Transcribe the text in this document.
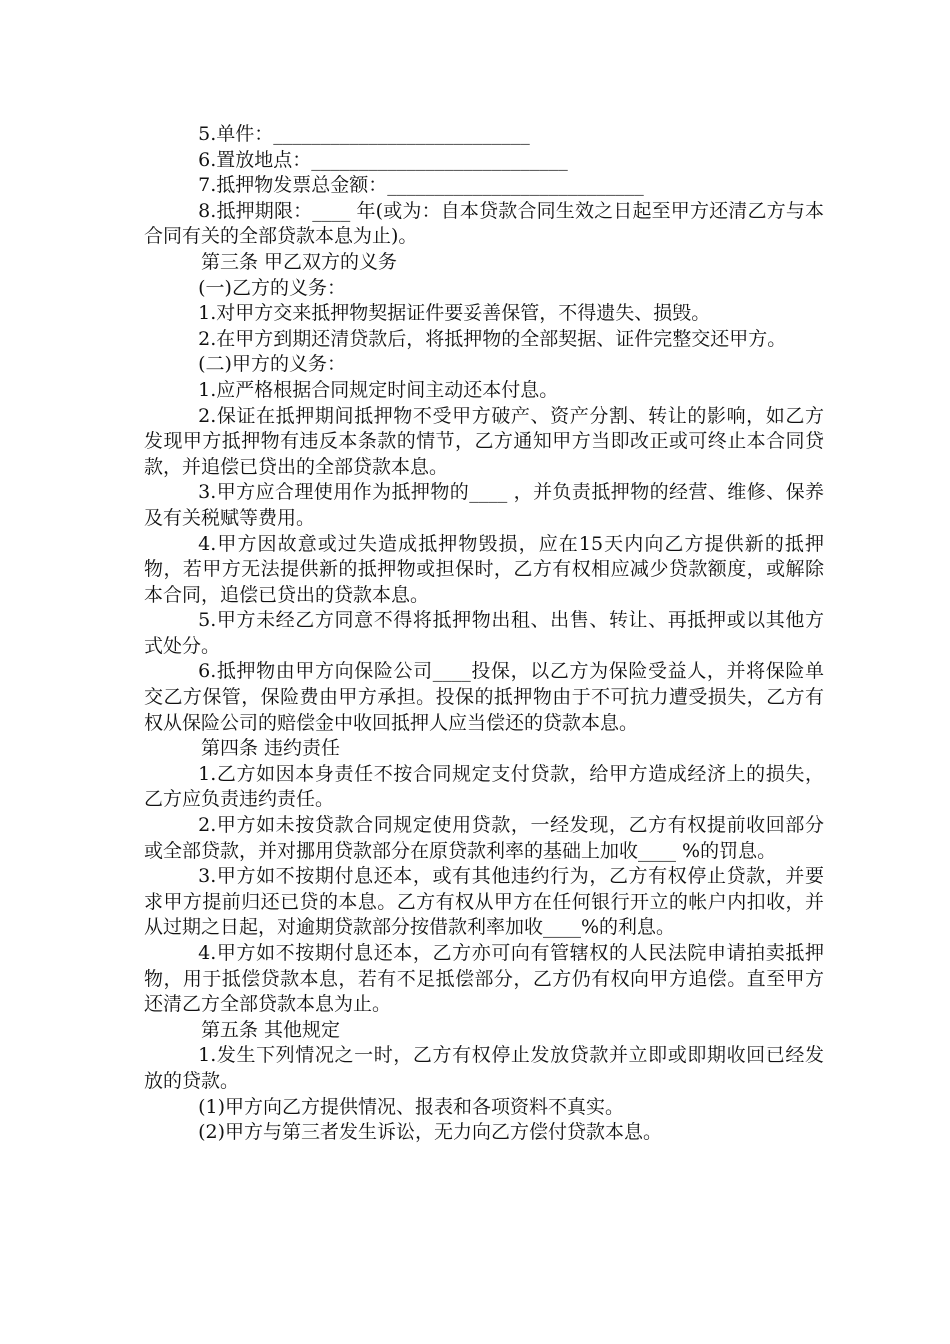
5.单件：___________________________

6.置放地点：___________________________

7.抵押物发票总金额：___________________________

8.抵押期限：____ 年(或为：自本贷款合同生效之日起至甲方还清乙方与本合同有关的全部贷款本息为止)。

第三条 甲乙双方的义务

(一)乙方的义务：

1.对甲方交来抵押物契据证件要妥善保管，不得遗失、损毁。

2.在甲方到期还清贷款后，将抵押物的全部契据、证件完整交还甲方。

(二)甲方的义务：

1.应严格根据合同规定时间主动还本付息。

2.保证在抵押期间抵押物不受甲方破产、资产分割、转让的影响，如乙方发现甲方抵押物有违反本条款的情节，乙方通知甲方当即改正或可终止本合同贷款，并追偿已贷出的全部贷款本息。

3.甲方应合理使用作为抵押物的____ ，并负责抵押物的经营、维修、保养及有关税赋等费用。

4.甲方因故意或过失造成抵押物毁损，应在15天内向乙方提供新的抵押物，若甲方无法提供新的抵押物或担保时，乙方有权相应减少贷款额度，或解除本合同，追偿已贷出的贷款本息。

5.甲方未经乙方同意不得将抵押物出租、出售、转让、再抵押或以其他方式处分。

6.抵押物由甲方向保险公司____投保，以乙方为保险受益人，并将保险单交乙方保管，保险费由甲方承担。投保的抵押物由于不可抗力遭受损失，乙方有权从保险公司的赔偿金中收回抵押人应当偿还的贷款本息。

第四条 违约责任

1.乙方如因本身责任不按合同规定支付贷款，给甲方造成经济上的损失，乙方应负责违约责任。

2.甲方如未按贷款合同规定使用贷款，一经发现，乙方有权提前收回部分或全部贷款，并对挪用贷款部分在原贷款利率的基础上加收____ %的罚息。

3.甲方如不按期付息还本，或有其他违约行为，乙方有权停止贷款，并要求甲方提前归还已贷的本息。乙方有权从甲方在任何银行开立的帐户内扣收，并从过期之日起，对逾期贷款部分按借款利率加收____%的利息。

4.甲方如不按期付息还本，乙方亦可向有管辖权的人民法院申请拍卖抵押物，用于抵偿贷款本息，若有不足抵偿部分，乙方仍有权向甲方追偿。直至甲方还清乙方全部贷款本息为止。

第五条 其他规定

1.发生下列情况之一时，乙方有权停止发放贷款并立即或即期收回已经发放的贷款。

(1)甲方向乙方提供情况、报表和各项资料不真实。

(2)甲方与第三者发生诉讼，无力向乙方偿付贷款本息。
